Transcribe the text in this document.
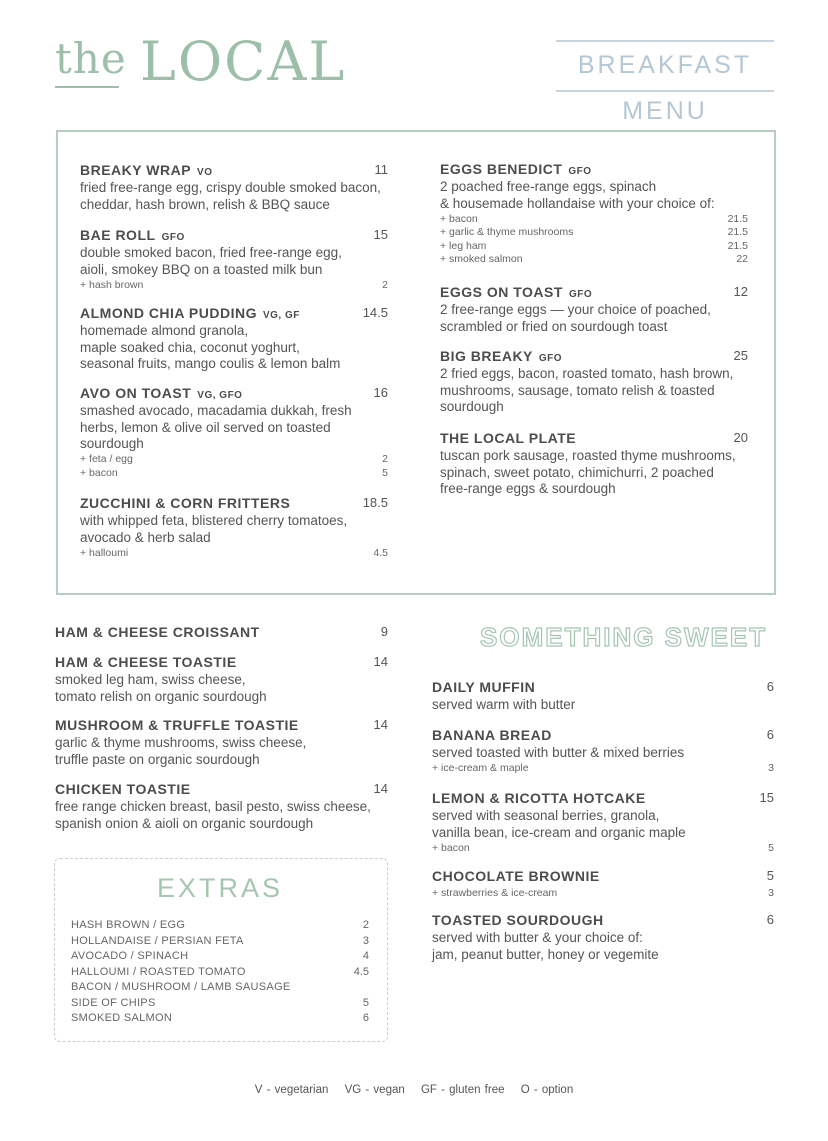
the LOCAL	BREAKFAST MENU
SOMETHING SWEET
EXTRAS
V - vegetarian VG - vegan GF - gluten free O - option
BREAKY WRAP VO	11
fried free-range egg, crispy double smoked bacon,
cheddar, hash brown, relish & BBQ sauce
BAE ROLL GFO	15
double smoked bacon, fried free-range egg,
aioli, smokey BBQ on a toasted milk bun
+ hash brown	2
ALMOND CHIA PUDDING VG, GF	14.5
homemade almond granola,
maple soaked chia, coconut yoghurt,
seasonal fruits, mango coulis & lemon balm
AVO ON TOAST VG, GFO	16
smashed avocado, macadamia dukkah, fresh
herbs, lemon & olive oil served on toasted
sourdough
+ feta / egg	2
+ bacon	5
ZUCCHINI & CORN FRITTERS	18.5
with whipped feta, blistered cherry tomatoes,
avocado & herb salad
+ halloumi	4.5
EGGS BENEDICT GFO
2 poached free-range eggs, spinach
& housemade hollandaise with your choice of:
+ bacon	21.5
+ garlic & thyme mushrooms	21.5
+ leg ham	21.5
+ smoked salmon	22
EGGS ON TOAST GFO	12
2 free-range eggs — your choice of poached,
scrambled or fried on sourdough toast
BIG BREAKY GFO	25
2 fried eggs, bacon, roasted tomato, hash brown,
mushrooms, sausage, tomato relish & toasted
sourdough
THE LOCAL PLATE	20
tuscan pork sausage, roasted thyme mushrooms,
spinach, sweet potato, chimichurri, 2 poached
free-range eggs & sourdough
HAM & CHEESE CROISSANT	9
HAM & CHEESE TOASTIE	14
smoked leg ham, swiss cheese,
tomato relish on organic sourdough
MUSHROOM & TRUFFLE TOASTIE	14
garlic & thyme mushrooms, swiss cheese,
truffle paste on organic sourdough
CHICKEN TOASTIE	14
free range chicken breast, basil pesto, swiss cheese,
spanish onion & aioli on organic sourdough
DAILY MUFFIN	6
served warm with butter
BANANA BREAD	6
served toasted with butter & mixed berries
+ ice-cream & maple	3
LEMON & RICOTTA HOTCAKE	15
served with seasonal berries, granola,
vanilla bean, ice-cream and organic maple
+ bacon	5
CHOCOLATE BROWNIE	5
+ strawberries & ice-cream	3
TOASTED SOURDOUGH	6
served with butter & your choice of:
jam, peanut butter, honey or vegemite
HASH BROWN / EGG	2
HOLLANDAISE / PERSIAN FETA	3
AVOCADO / SPINACH	4
HALLOUMI / ROASTED TOMATO	4.5
BACON / MUSHROOM / LAMB SAUSAGE
SIDE OF CHIPS	5
SMOKED SALMON	6
